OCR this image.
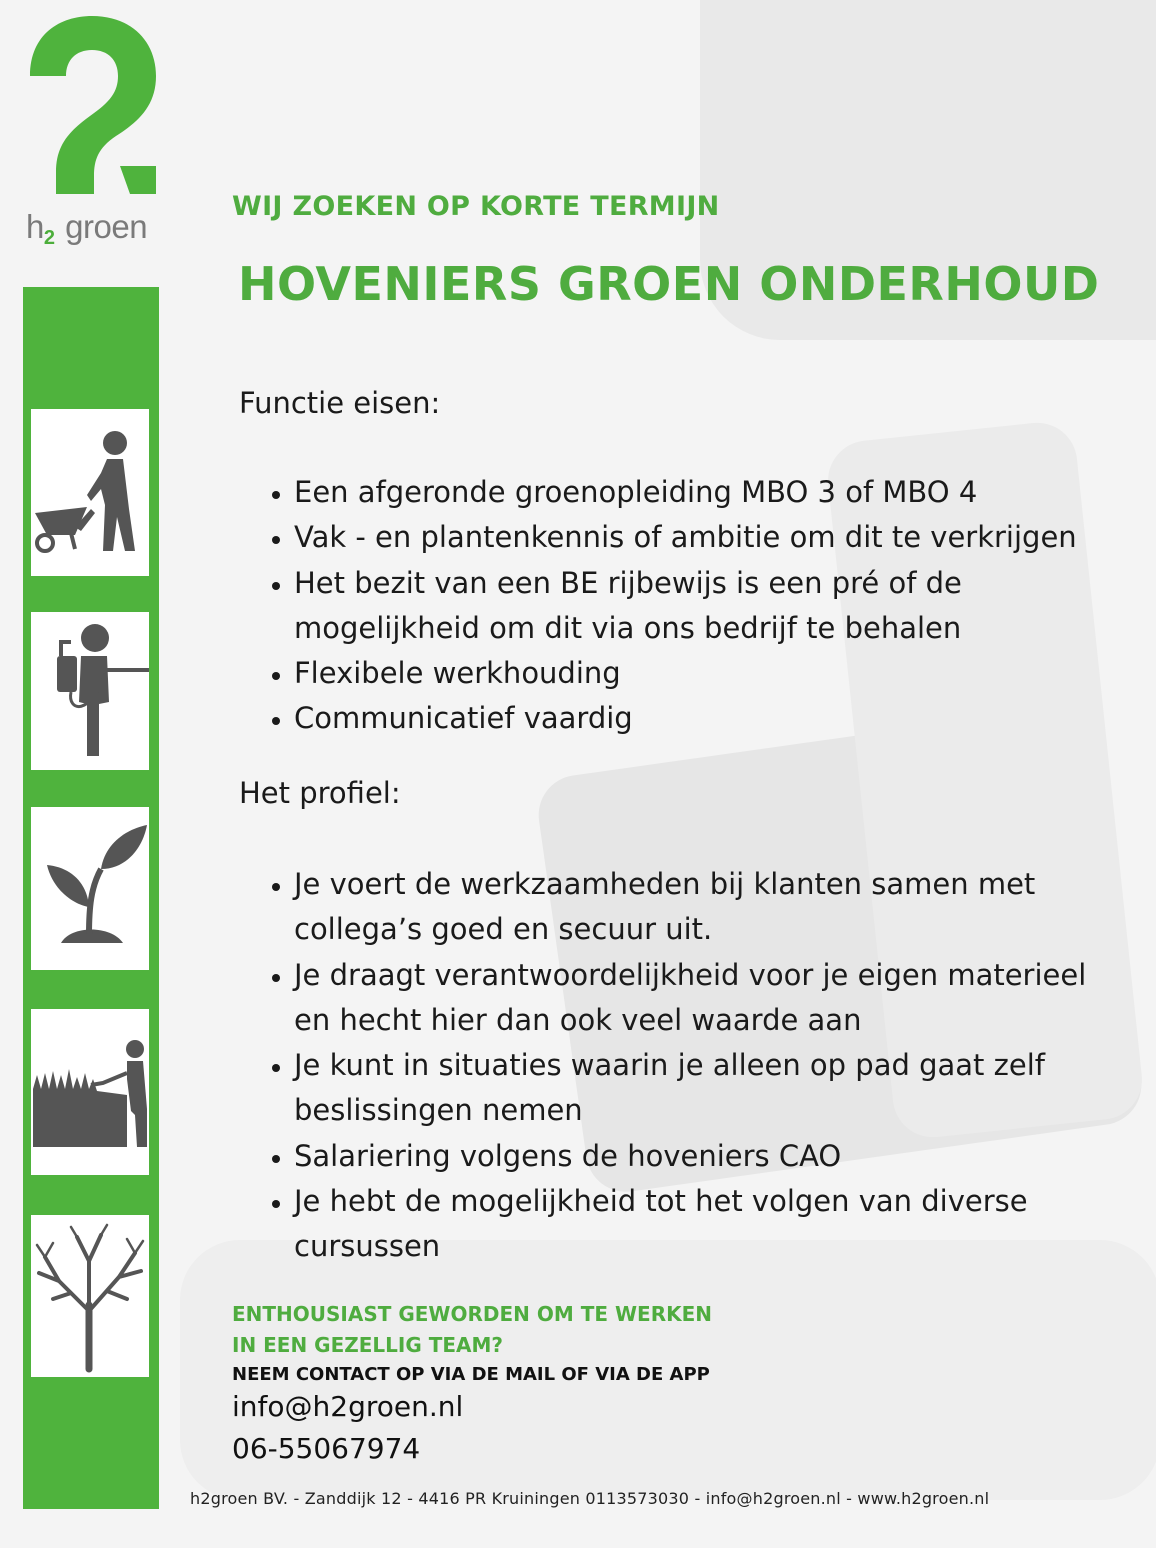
$h_2$ groen
WIJ ZOEKEN OP KORTE TERMIJN
HOVENIERS GROEN ONDERHOUD
Functie eisen:
• Een afgeronde groenopleiding MBO 3 of MBO 4
• Vak - en plantenkennis of ambitie om dit te verkrijgen
• Het bezit van een BE rijbewijs is een pré of de mogelijkheid om dit via ons bedrijf te behalen
• Flexibele werkhouding
• Communicatief vaardig
Het profiel:
• Je voert de werkzaamheden bij klanten samen met collega’s goed en secuur uit.
• Je draagt verantwoordelijkheid voor je eigen materieel en hecht hier dan ook veel waarde aan
• Je kunt in situaties waarin je alleen op pad gaat zelf beslissingen nemen
• Salariering volgens de hoveniers CAO
• Je hebt de mogelijkheid tot het volgen van diverse cursussen
ENTHOUSIAST GEWORDEN OM TE WERKEN
IN EEN GEZELLIG TEAM?
NEEM CONTACT OP VIA DE MAIL OF VIA DE APP
info@h2groen.nl
06-55067974
h2groen BV. - Zanddijk 12 - 4416 PR Kruiningen 0113573030 - info@h2groen.nl - www.h2groen.nl
